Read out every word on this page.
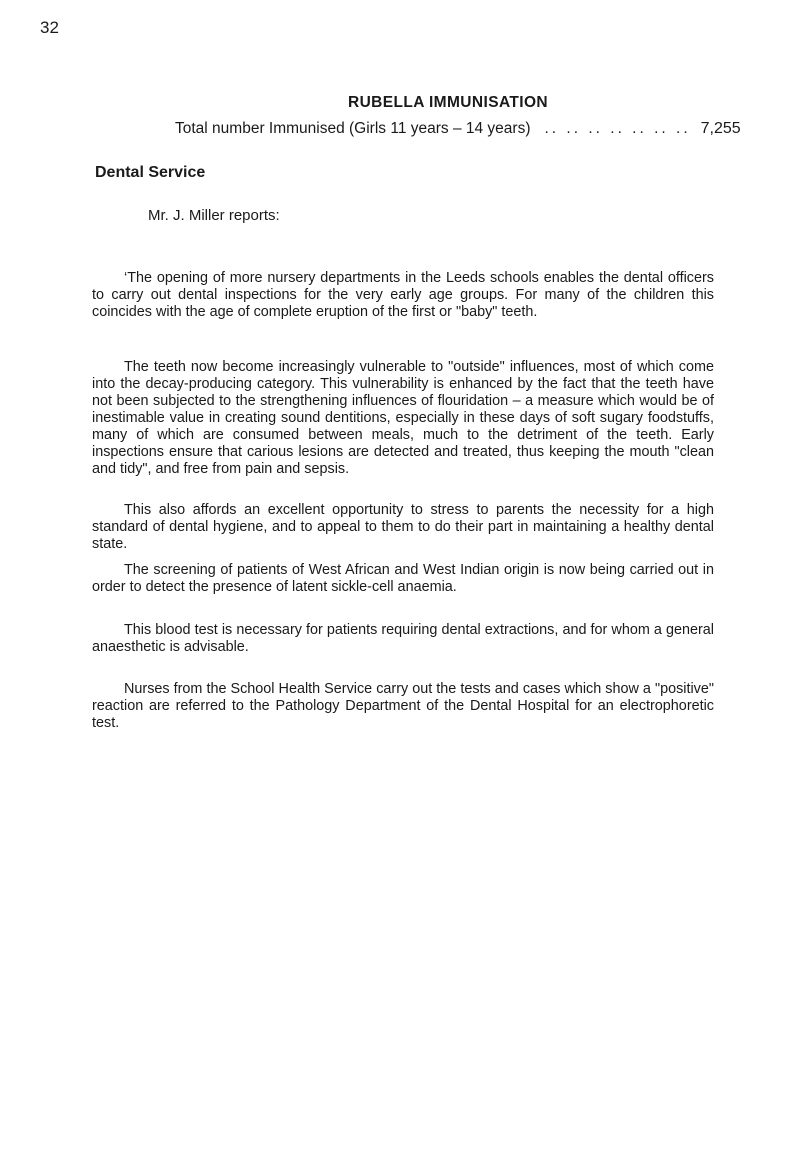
32
RUBELLA IMMUNISATION
Total number Immunised (Girls 11 years – 14 years) .. .. .. .. .. .. .. 7,255
Dental Service
Mr. J. Miller reports:

‘The opening of more nursery departments in the Leeds schools enables the dental officers to carry out dental inspections for the very early age groups. For many of the children this coincides with the age of complete eruption of the first or "baby" teeth.

The teeth now become increasingly vulnerable to "outside" influences, most of which come into the decay-producing category. This vulnerability is enhanced by the fact that the teeth have not been subjected to the strengthening influences of flouridation – a measure which would be of inestimable value in creating sound dentitions, especially in these days of soft sugary foodstuffs, many of which are consumed between meals, much to the detriment of the teeth. Early inspections ensure that carious lesions are detected and treated, thus keeping the mouth "clean and tidy", and free from pain and sepsis.

This also affords an excellent opportunity to stress to parents the necessity for a high standard of dental hygiene, and to appeal to them to do their part in maintaining a healthy dental state.

The screening of patients of West African and West Indian origin is now being carried out in order to detect the presence of latent sickle-cell anaemia.

This blood test is necessary for patients requiring dental extractions, and for whom a general anaesthetic is advisable.

Nurses from the School Health Service carry out the tests and cases which show a "positive" reaction are referred to the Pathology Department of the Dental Hospital for an electrophoretic test.
